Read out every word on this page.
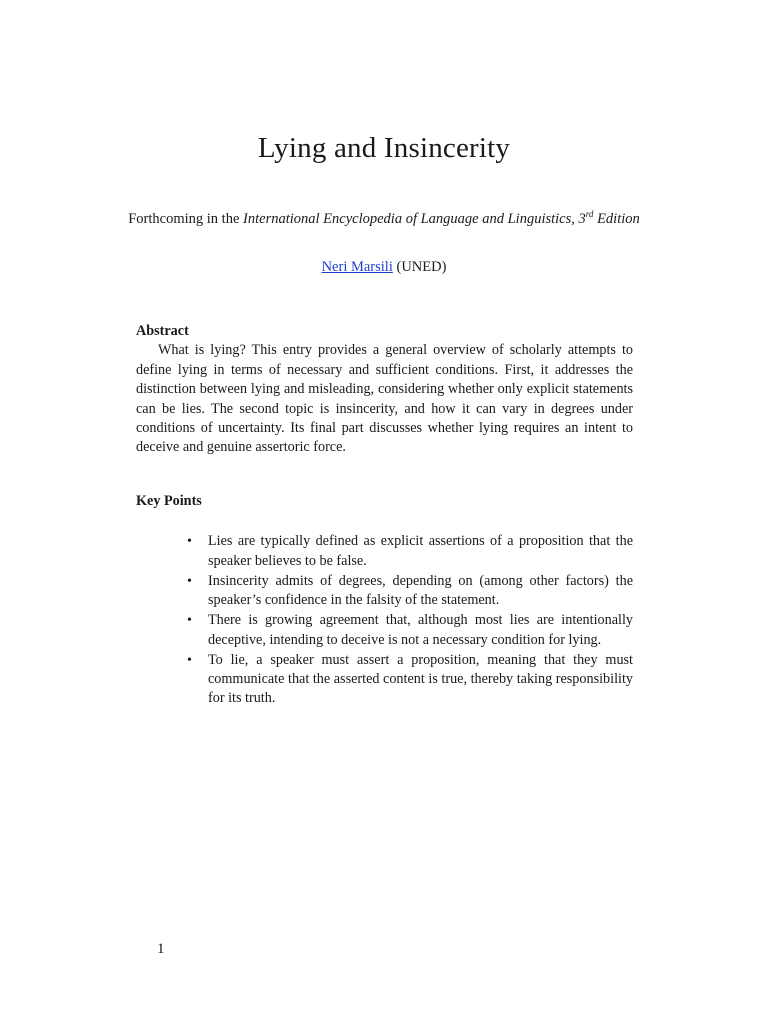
Lying and Insincerity

Forthcoming in the International Encyclopedia of Language and Linguistics, 3rd Edition

Neri Marsili (UNED)

Abstract

What is lying? This entry provides a general overview of scholarly attempts to define lying in terms of necessary and sufficient conditions. First, it addresses the distinction between lying and misleading, considering whether only explicit statements can be lies. The second topic is insincerity, and how it can vary in degrees under conditions of uncertainty. Its final part discusses whether lying requires an intent to deceive and genuine assertoric force.

Key Points

• Lies are typically defined as explicit assertions of a proposition that the speaker believes to be false.
• Insincerity admits of degrees, depending on (among other factors) the speaker’s confidence in the falsity of the statement.
• There is growing agreement that, although most lies are intentionally deceptive, intending to deceive is not a necessary condition for lying.
• To lie, a speaker must assert a proposition, meaning that they must communicate that the asserted content is true, thereby taking responsibility for its truth.

1
